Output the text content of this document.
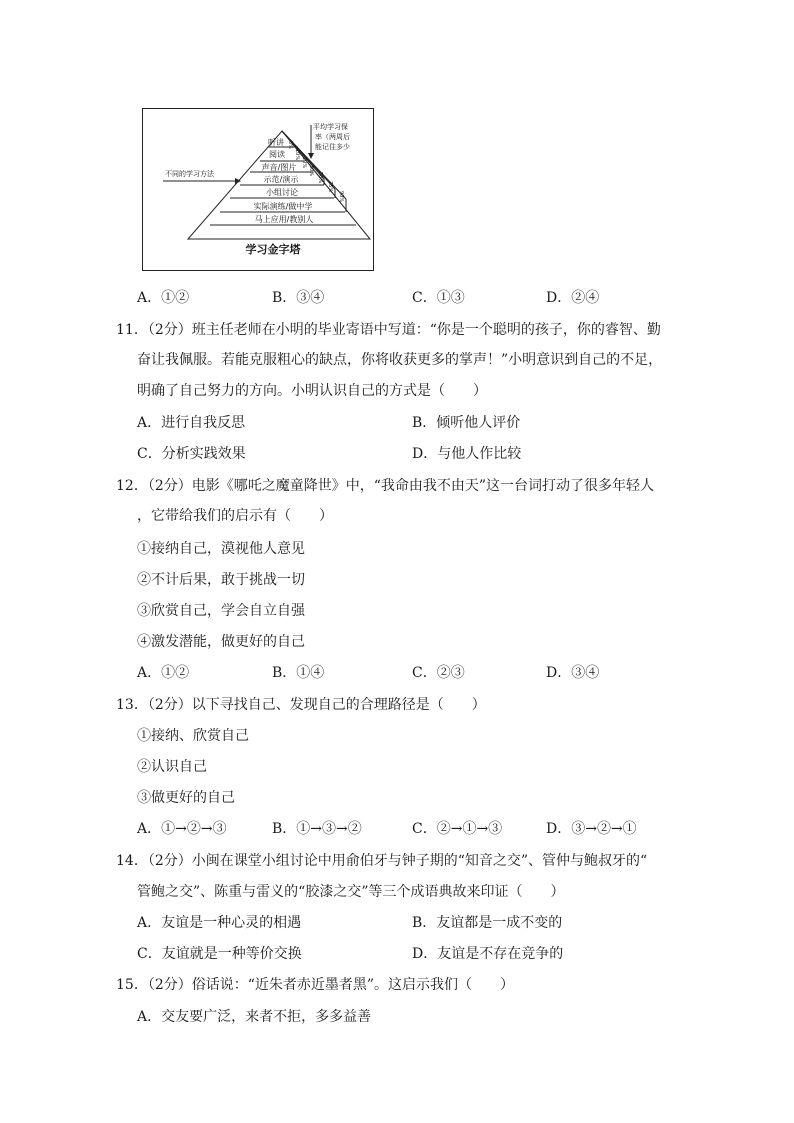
听讲
阅读
声音/图片
示范/演示
小组讨论
实际演练/做中学
马上应用/教别人
5%
10%
20%
30%
50%
75%
90%
不同的学习方法
平均学习保
率（两周后
能记住多少
学习金字塔
A．①②	B．③④	C．①③	D．②④
11．（2分）班主任老师在小明的毕业寄语中写道：“你是一个聪明的孩子，你的睿智、勤
奋让我佩服。若能克服粗心的缺点，你将收获更多的掌声！”小明意识到自己的不足，
明确了自己努力的方向。小明认识自己的方式是（　　）
A．进行自我反思	B．倾听他人评价
C．分析实践效果	D．与他人作比较
12．（2分）电影《哪吒之魔童降世》中，“我命由我不由天”这一台词打动了很多年轻人
，它带给我们的启示有（　　）
①接纳自己，漠视他人意见
②不计后果，敢于挑战一切
③欣赏自己，学会自立自强
④激发潜能，做更好的自己
A．①②	B．①④	C．②③	D．③④
13．（2分）以下寻找自己、发现自己的合理路径是（　　）
①接纳、欣赏自己
②认识自己
③做更好的自己
A．①→②→③	B．①→③→②	C．②→①→③	D．③→②→①
14．（2分）小闽在课堂小组讨论中用俞伯牙与钟子期的“知音之交”、管仲与鲍叔牙的“
管鲍之交”、陈重与雷义的“胶漆之交”等三个成语典故来印证（　　）
A．友谊是一种心灵的相遇	B．友谊都是一成不变的
C．友谊就是一种等价交换	D．友谊是不存在竞争的
15．（2分）俗话说：“近朱者赤近墨者黑”。这启示我们（　　）
A．交友要广泛，来者不拒，多多益善
